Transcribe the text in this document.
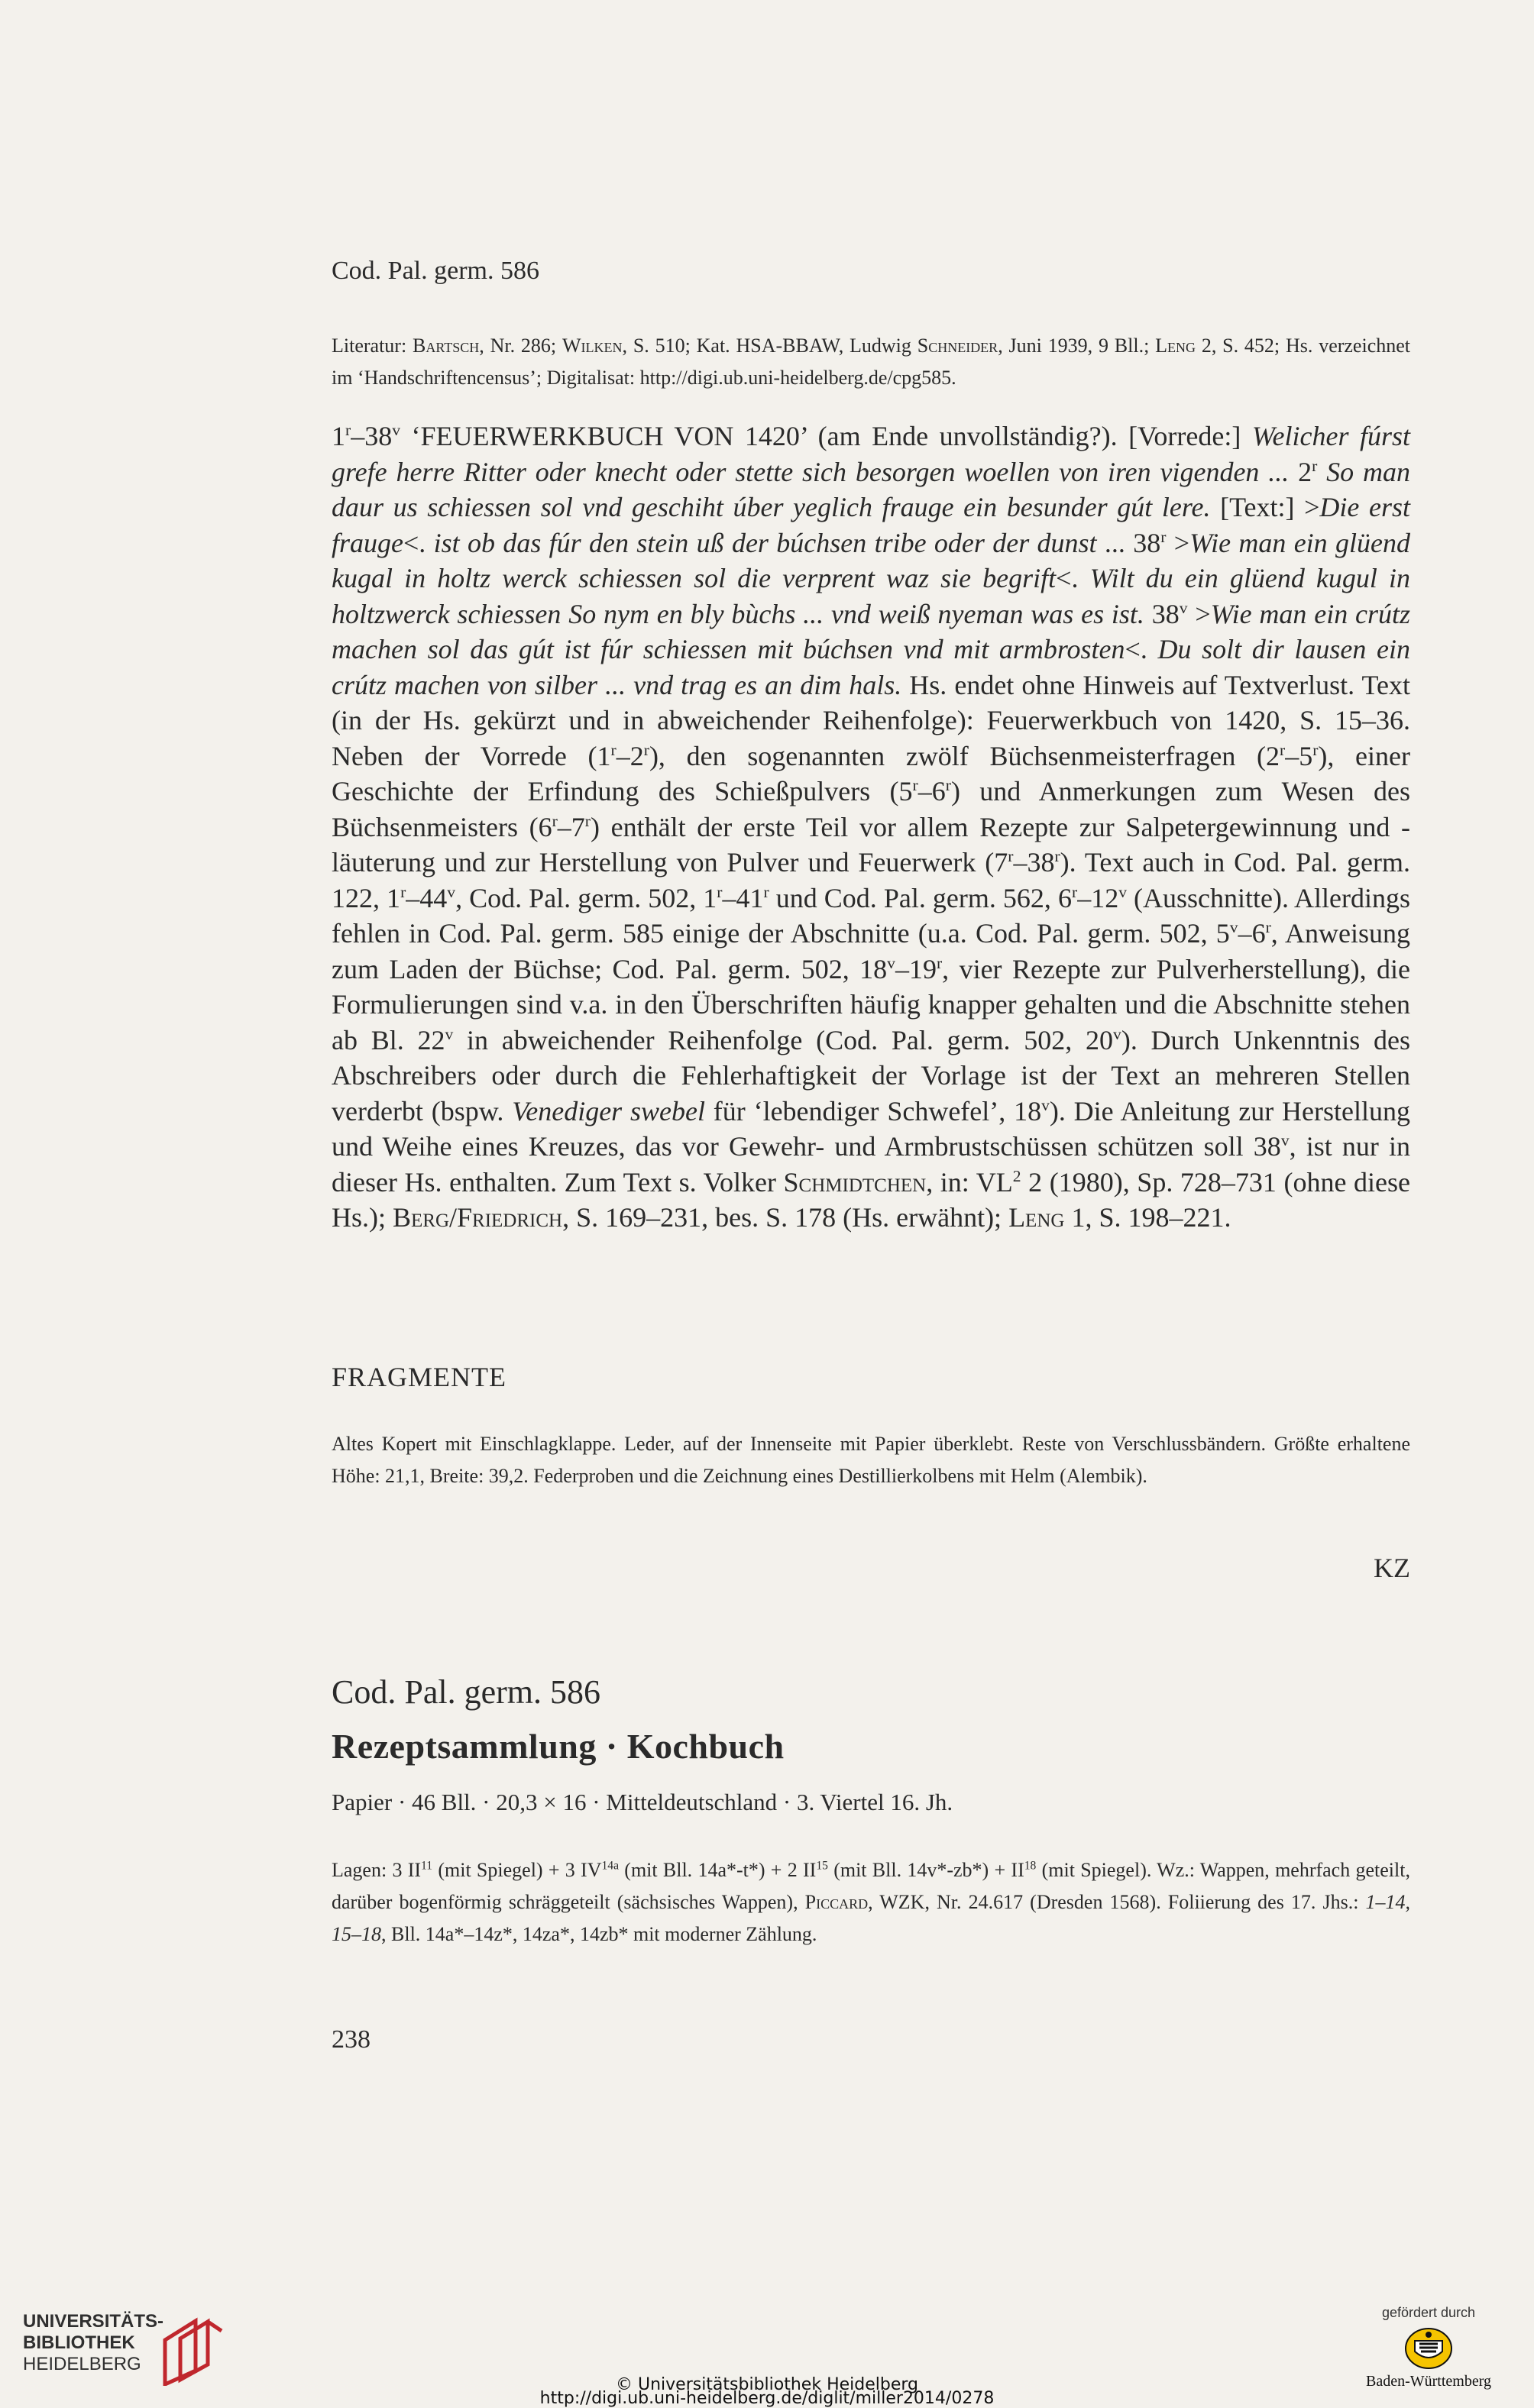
Cod. Pal. germ. 586

Literatur: Bartsch, Nr. 286; Wilken, S. 510; Kat. HSA-BBAW, Ludwig Schneider, Juni 1939, 9 Bll.; Leng 2, S. 452; Hs. verzeichnet im ‘Handschriftencensus’; Digitalisat: http://digi.ub.uni-heidelberg.de/cpg585.

1$^r$–38$^v$ ‘FEUERWERKBUCH VON 1420’ (am Ende unvollständig?). [Vorrede:] Welicher fúrst grefe herre Ritter oder knecht oder stette sich besorgen woellen von iren vigenden ... 2$^r$ So man daur us schiessen sol vnd geschiht úber yeglich frauge ein besunder gút lere. [Text:] >Die erst frauge<. ist ob das fúr den stein uß der búchsen tribe oder der dunst ... $38^r >Wie$ man ein glüend kugal in holtz werck schiessen sol die verprent waz sie begrift<. Wilt du ein glüend kugul in holtzwerck schiessen So nym en bly bùchs ... vnd weiß nyeman was es ist. $38^v >Wie$ man ein crútz machen sol das gút ist fúr schiessen mit búchsen vnd mit armbrosten<. Du solt dir lausen ein crútz machen von silber ... vnd trag es an dim hals. Hs. endet ohne Hinweis auf Textverlust. Text (in der Hs. gekürzt und in abweichender Reihenfolge): Feuerwerkbuch von 1420, S. 15–36. Neben der Vorrede (1$^r$–2$^r$), den sogenannten zwölf Büchsenmeisterfragen (2$^r$–5$^r$), einer Geschichte der Erfindung des Schießpulvers (5$^r$–6$^r$) und Anmerkungen zum Wesen des Büchsenmeisters (6$^r$–7$^r$) enthält der erste Teil vor allem Rezepte zur Salpetergewinnung und -läuterung und zur Herstellung von Pulver und Feuerwerk (7$^r$–38$^r$). Text auch in Cod. Pal. germ. 122, 1$^r$–44$^v$, Cod. Pal. germ. 502, 1$^r$–41$^r$ und Cod. Pal. germ. 562, 6$^r$–12$^v$ (Ausschnitte). Allerdings fehlen in Cod. Pal. germ. 585 einige der Abschnitte (u.a. Cod. Pal. germ. 502, 5$^v$–6$^r$, Anweisung zum Laden der Büchse; Cod. Pal. germ. 502, 18$^v$–19$^r$, vier Rezepte zur Pulverherstellung), die Formulierungen sind v.a. in den Überschriften häufig knapper gehalten und die Abschnitte stehen ab Bl. 22$^v$ in abweichender Reihenfolge (Cod. Pal. germ. 502, 20$^v$). Durch Unkenntnis des Abschreibers oder durch die Fehlerhaftigkeit der Vorlage ist der Text an mehreren Stellen verderbt (bspw. Venediger swebel für ‘lebendiger Schwefel’, 18$^v$). Die Anleitung zur Herstellung und Weihe eines Kreuzes, das vor Gewehr- und Armbrustschüssen schützen soll 38$^v$, ist nur in dieser Hs. enthalten. Zum Text s. Volker Schmidtchen, in: $VL^2$ 2 (1980), Sp. 728–731 (ohne diese Hs.); Berg/Friedrich, S. 169–231, bes. S. 178 (Hs. erwähnt); Leng 1, S. 198–221.

FRAGMENTE

Altes Kopert mit Einschlagklappe. Leder, auf der Innenseite mit Papier überklebt. Reste von Verschlussbändern. Größte erhaltene Höhe: 21,1, Breite: 39,2. Federproben und die Zeichnung eines Destillierkolbens mit Helm (Alembik).

KZ
Cod. Pal. germ. 586
Rezeptsammlung · Kochbuch
Papier · 46 Bll. · 20,3 × 16 · Mitteldeutschland · 3. Viertel 16. Jh.

Lagen: 3 II$^{11}$ (mit Spiegel) + 3 $IV^{14a}$ (mit Bll. 14a*-t*) + 2 II$^{15}$ (mit Bll. $14v*-zb*) + II^{18}$ (mit Spiegel). Wz.: Wappen, mehrfach geteilt, darüber bogenförmig schräggeteilt (sächsisches Wappen), Piccard, WZK, Nr. 24.617 (Dresden 1568). Foliierung des 17. Jhs.: 1–14, 15–18, Bll. 14a*–14z*, 14za*, 14zb* mit moderner Zählung.

238
UNIVERSITÄTS-
BIBLIOTHEK
HEIDELBERG
© Universitätsbibliothek Heidelberg
http://digi.ub.uni-heidelberg.de/diglit/miller2014/0278
gefördert durch
Baden-Württemberg
